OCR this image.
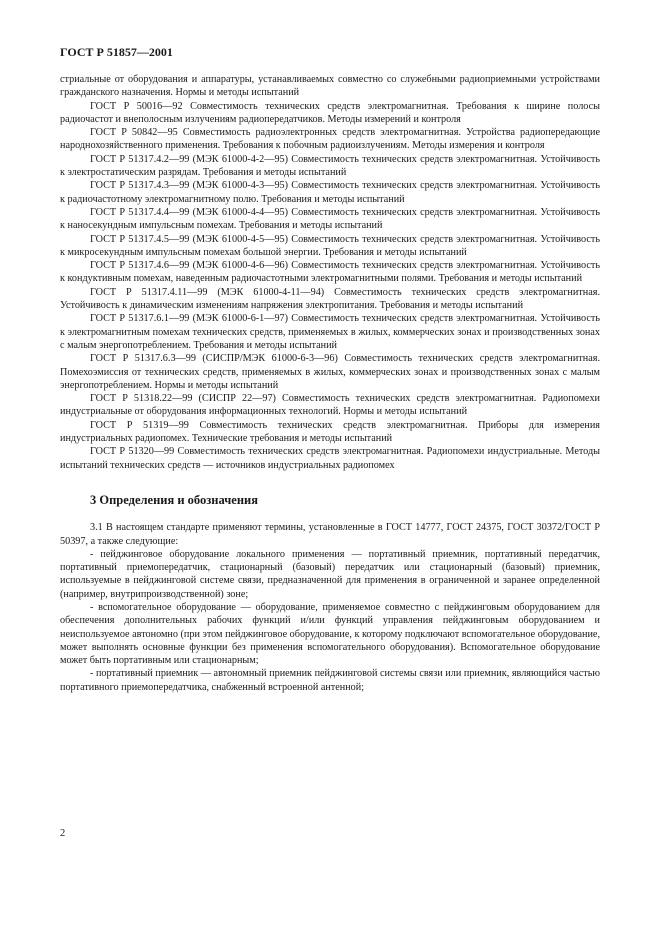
ГОСТ Р 51857—2001

стриальные от оборудования и аппаратуры, устанавливаемых совместно со служебными радиоприемными устройствами гражданского назначения. Нормы и методы испытаний

ГОСТ Р 50016—92 Совместимость технических средств электромагнитная. Требования к ширине полосы радиочастот и внеполосным излучениям радиопередатчиков. Методы измерений и контроля

ГОСТ Р 50842—95 Совместимость радиоэлектронных средств электромагнитная. Устройства радиопередающие народнохозяйственного применения. Требования к побочным радиоизлучениям. Методы измерения и контроля

ГОСТ Р 51317.4.2—99 (МЭК 61000-4-2—95) Совместимость технических средств электромагнитная. Устойчивость к электростатическим разрядам. Требования и методы испытаний

ГОСТ Р 51317.4.3—99 (МЭК 61000-4-3—95) Совместимость технических средств электромагнитная. Устойчивость к радиочастотному электромагнитному полю. Требования и методы испытаний

ГОСТ Р 51317.4.4—99 (МЭК 61000-4-4—95) Совместимость технических средств электромагнитная. Устойчивость к наносекундным импульсным помехам. Требования и методы испытаний

ГОСТ Р 51317.4.5—99 (МЭК 61000-4-5—95) Совместимость технических средств электромагнитная. Устойчивость к микросекундным импульсным помехам большой энергии. Требования и методы испытаний

ГОСТ Р 51317.4.6—99 (МЭК 61000-4-6—96) Совместимость технических средств электромагнитная. Устойчивость к кондуктивным помехам, наведенным радиочастотными электромагнитными полями. Требования и методы испытаний

ГОСТ Р 51317.4.11—99 (МЭК 61000-4-11—94) Совместимость технических средств электромагнитная. Устойчивость к динамическим изменениям напряжения электропитания. Требования и методы испытаний

ГОСТ Р 51317.6.1—99 (МЭК 61000-6-1—97) Совместимость технических средств электромагнитная. Устойчивость к электромагнитным помехам технических средств, применяемых в жилых, коммерческих зонах и производственных зонах с малым энергопотреблением. Требования и методы испытаний

ГОСТ Р 51317.6.3—99 (СИСПР/МЭК 61000-6-3—96) Совместимость технических средств электромагнитная. Помехоэмиссия от технических средств, применяемых в жилых, коммерческих зонах и производственных зонах с малым энергопотреблением. Нормы и методы испытаний

ГОСТ Р 51318.22—99 (СИСПР 22—97) Совместимость технических средств электромагнитная. Радиопомехи индустриальные от оборудования информационных технологий. Нормы и методы испытаний

ГОСТ Р 51319—99 Совместимость технических средств электромагнитная. Приборы для измерения индустриальных радиопомех. Технические требования и методы испытаний

ГОСТ Р 51320—99 Совместимость технических средств электромагнитная. Радиопомехи индустриальные. Методы испытаний технических средств — источников индустриальных радиопомех

3 Определения и обозначения

3.1 В настоящем стандарте применяют термины, установленные в ГОСТ 14777, ГОСТ 24375, ГОСТ 30372/ГОСТ Р 50397, а также следующие:

- пейджинговое оборудование локального применения — портативный приемник, портативный передатчик, портативный приемопередатчик, стационарный (базовый) передатчик или стационарный (базовый) приемник, используемые в пейджинговой системе связи, предназначенной для применения в ограниченной и заранее определенной (например, внутрипроизводственной) зоне;

- вспомогательное оборудование — оборудование, применяемое совместно с пейджинговым оборудованием для обеспечения дополнительных рабочих функций и/или функций управления пейджинговым оборудованием и неиспользуемое автономно (при этом пейджинговое оборудование, к которому подключают вспомогательное оборудование, может выполнять основные функции без применения вспомогательного оборудования). Вспомогательное оборудование может быть портативным или стационарным;

- портативный приемник — автономный приемник пейджинговой системы связи или приемник, являющийся частью портативного приемопередатчика, снабженный встроенной антенной;

2
